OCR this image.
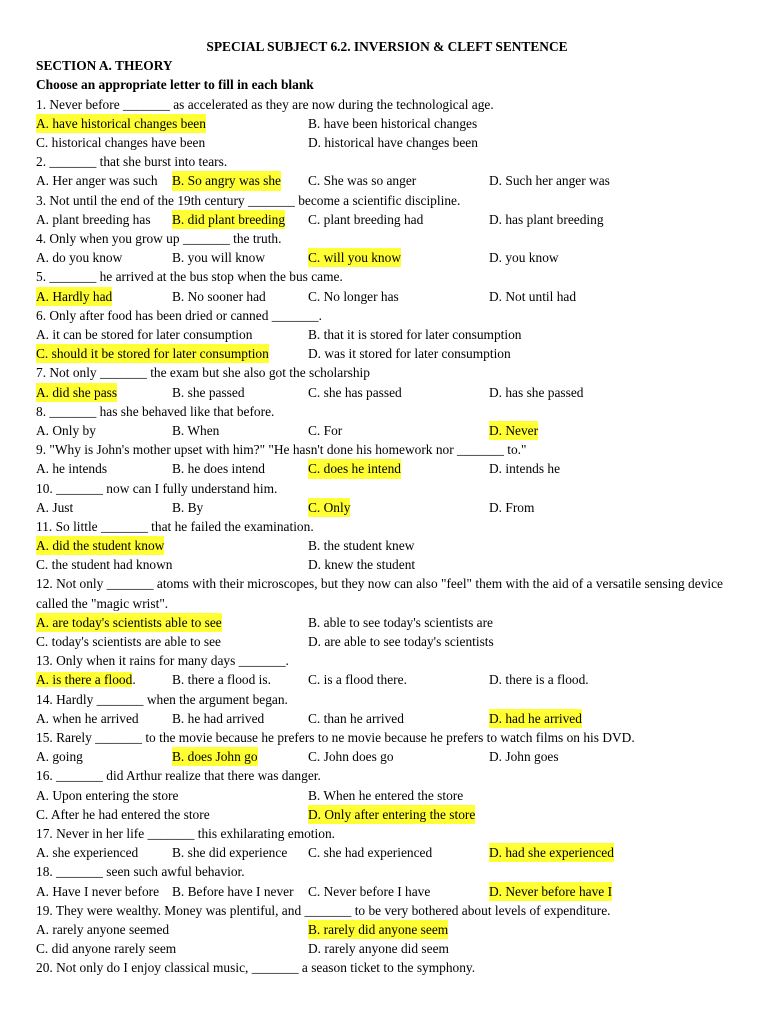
SPECIAL SUBJECT 6.2. INVERSION & CLEFT SENTENCE
SECTION A. THEORY
Choose an appropriate letter to fill in each blank
1. Never before _______ as accelerated as they are now during the technological age.
A. have historical changes been	B. have been historical changes
C. historical changes have been	D. historical have changes been
2. _______ that she burst into tears.
A. Her anger was such B. So angry was she C. She was so anger	D. Such her anger was
3. Not until the end of the 19th century _______ become a scientific discipline.
A. plant breeding has B. did plant breeding C. plant breeding had	D. has plant breeding
4. Only when you grow up _______ the truth.
A. do you know	B. you will know	C. will you know	D. you know
5. _______ he arrived at the bus stop when the bus came.
A. Hardly had	B. No sooner had	C. No longer has	D. Not until had
6. Only after food has been dried or canned _______.
A. it can be stored for later consumption	B. that it is stored for later consumption
C. should it be stored for later consumption	D. was it stored for later consumption
7. Not only _______ the exam but she also got the scholarship
A. did she pass	B. she passed	C. she has passed	D. has she passed
8. _______ has she behaved like that before.
A. Only by	B. When	C. For	D. Never
9. "Why is John's mother upset with him?" "He hasn't done his homework nor _______ to."
A. he intends	B. he does intend	C. does he intend	D. intends he
10. _______ now can I fully understand him.
A. Just	B. By	C. Only	D. From
11. So little _______ that he failed the examination.
A. did the student know	B. the student knew
C. the student had known	D. knew the student
12. Not only _______ atoms with their microscopes, but they now can also "feel" them with the aid of a versatile sensing device called the "magic wrist".
A. are today's scientists able to see	B. able to see today's scientists are
C. today's scientists are able to see	D. are able to see today's scientists
13. Only when it rains for many days _______.
A. is there a flood.	B. there a flood is.	C. is a flood there.	D. there is a flood.
14. Hardly _______ when the argument began.
A. when he arrived B. he had arrived	C. than he arrived	D. had he arrived
15. Rarely _______ to the movie because he prefers to ne movie because he prefers to watch films on his DVD.
A. going	B. does John go	C. John does go	D. John goes
16. _______ did Arthur realize that there was danger.
A. Upon entering the store	B. When he entered the store
C. After he had entered the store	D. Only after entering the store
17. Never in her life _______ this exhilarating emotion.
A. she experienced	B. she did experience C. she had experienced	D. had she experienced
18. _______ seen such awful behavior.
A. Have I never before B. Before have I never C. Never before I have	D. Never before have I
19. They were wealthy. Money was plentiful, and _______ to be very bothered about levels of expenditure.
A. rarely anyone seemed	B. rarely did anyone seem
C. did anyone rarely seem	D. rarely anyone did seem
20. Not only do I enjoy classical music, _______ a season ticket to the symphony.
